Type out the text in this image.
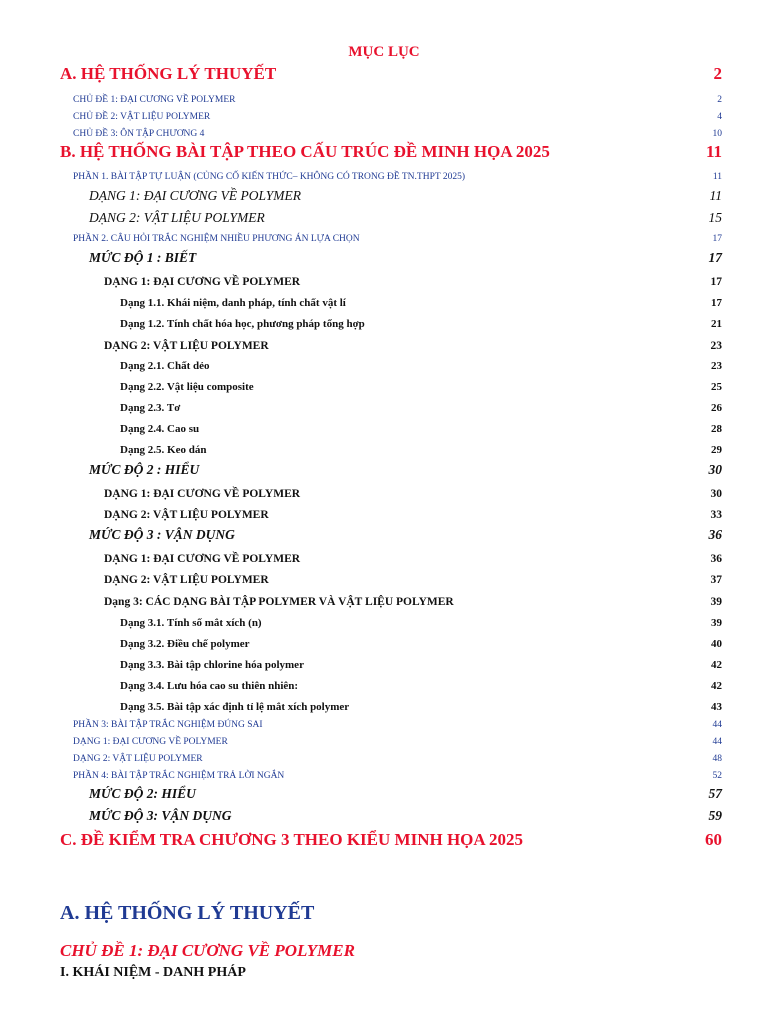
MỤC LỤC
A. HỆ THỐNG LÝ THUYẾT	2
CHỦ ĐỀ 1: ĐẠI CƯƠNG VỀ POLYMER	2
CHỦ ĐỀ 2: VẬT LIỆU POLYMER	4
CHỦ ĐỀ 3: ÔN TẬP CHƯƠNG 4	10
B. HỆ THỐNG BÀI TẬP THEO CẤU TRÚC ĐỀ MINH HỌA 2025	11
PHẦN 1. BÀI TẬP TỰ LUẬN (CỦNG CỐ KIẾN THỨC– KHÔNG CÓ TRONG ĐỀ TN.THPT 2025)	11
DẠNG 1: ĐẠI CƯƠNG VỀ POLYMER	11
DẠNG 2: VẬT LIỆU POLYMER	15
PHẦN 2. CÂU HỎI TRẮC NGHIỆM NHIỀU PHƯƠNG ÁN LỰA CHỌN	17
MỨC ĐỘ 1 : BIẾT	17
DẠNG 1: ĐẠI CƯƠNG VỀ POLYMER	17
Dạng 1.1. Khái niệm, danh pháp, tính chất vật lí	17
Dạng 1.2. Tính chất hóa học, phương pháp tổng hợp	21
DẠNG 2: VẬT LIỆU POLYMER	23
Dạng 2.1. Chất dẻo	23
Dạng 2.2. Vật liệu composite	25
Dạng 2.3. Tơ	26
Dạng 2.4. Cao su	28
Dạng 2.5. Keo dán	29
MỨC ĐỘ 2 : HIỂU	30
DẠNG 1: ĐẠI CƯƠNG VỀ POLYMER	30
DẠNG 2: VẬT LIỆU POLYMER	33
MỨC ĐỘ 3 : VẬN DỤNG	36
DẠNG 1: ĐẠI CƯƠNG VỀ POLYMER	36
DẠNG 2: VẬT LIỆU POLYMER	37
Dạng 3: CÁC DẠNG BÀI TẬP POLYMER VÀ VẬT LIỆU POLYMER	39
Dạng 3.1. Tính số mắt xích (n)	39
Dạng 3.2. Điều chế polymer	40
Dạng 3.3. Bài tập chlorine hóa polymer	42
Dạng 3.4. Lưu hóa cao su thiên nhiên:	42
Dạng 3.5. Bài tập xác định tỉ lệ mắt xích polymer	43
PHẦN 3: BÀI TẬP TRẮC NGHIỆM ĐÚNG SAI	44
DẠNG 1: ĐẠI CƯƠNG VỀ POLYMER	44
DẠNG 2: VẬT LIỆU POLYMER	48
PHẦN 4: BÀI TẬP TRẮC NGHIỆM TRẢ LỜI NGẮN	52
MỨC ĐỘ 2: HIỂU	57
MỨC ĐỘ 3: VẬN DỤNG	59
C. ĐỀ KIỂM TRA CHƯƠNG 3 THEO KIỂU MINH HỌA 2025	60
A. HỆ THỐNG LÝ THUYẾT
CHỦ ĐỀ 1: ĐẠI CƯƠNG VỀ POLYMER
I. KHÁI NIỆM - DANH PHÁP
